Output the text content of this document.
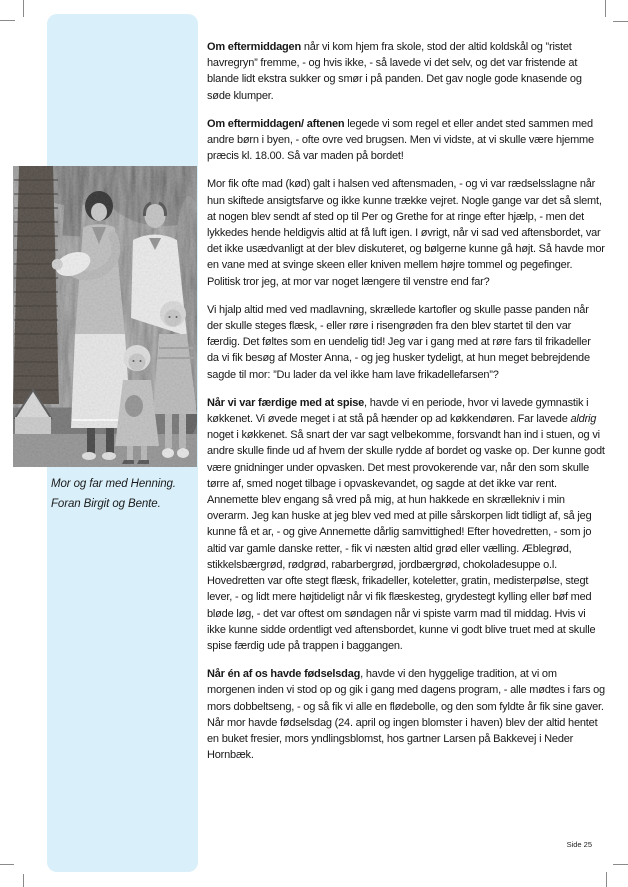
Mor og far med Henning.
Foran Birgit og Bente.

Om eftermiddagen når vi kom hjem fra skole, stod der altid koldskål og ”ristet havregryn” fremme, - og hvis ikke, - så lavede vi det selv, og det var fristende at blande lidt ekstra sukker og smør i på panden. Det gav nogle gode knasende og søde klumper.

Om eftermiddagen/ aftenen legede vi som regel et eller andet sted sammen med andre børn i byen, - ofte ovre ved brugsen. Men vi vidste, at vi skulle være hjemme præcis kl. 18.00. Så var maden på bordet!

Mor fik ofte mad (kød) galt i halsen ved aftensmaden, - og vi var rædselsslagne når hun skiftede ansigtsfarve og ikke kunne trække vejret. Nogle gange var det så slemt, at nogen blev sendt af sted op til Per og Grethe for at ringe efter hjælp, - men det lykkedes hende heldigvis altid at få luft igen. I øvrigt, når vi sad ved aftensbordet, var det ikke usædvanligt at der blev diskuteret, og bølgerne kunne gå højt. Så havde mor en vane med at svinge skeen eller kniven mellem højre tommel og pegefinger. Politisk tror jeg, at mor var noget længere til venstre end far?

Vi hjalp altid med ved madlavning, skrællede kartofler og skulle passe panden når der skulle steges flæsk, - eller røre i risengrøden fra den blev startet til den var færdig. Det føltes som en uendelig tid! Jeg var i gang med at røre fars til frikadeller da vi fik besøg af Moster Anna, - og jeg husker tydeligt, at hun meget bebrejdende sagde til mor: ”Du lader da vel ikke ham lave frikadellefarsen”?

Når vi var færdige med at spise, havde vi en periode, hvor vi lavede gymnastik i køkkenet. Vi øvede meget i at stå på hænder op ad køkkendøren. Far lavede aldrig noget i køkkenet. Så snart der var sagt velbekomme, forsvandt han ind i stuen, og vi andre skulle finde ud af hvem der skulle rydde af bordet og vaske op. Der kunne godt være gnidninger under opvasken. Det mest provokerende var, når den som skulle tørre af, smed noget tilbage i opvaskevandet, og sagde at det ikke var rent. Annemette blev engang så vred på mig, at hun hakkede en skrællekniv i min overarm. Jeg kan huske at jeg blev ved med at pille sårskorpen lidt tidligt af, så jeg kunne få et ar, - og give Annemette dårlig samvittighed! Efter hovedretten, - som jo altid var gamle danske retter, - fik vi næsten altid grød eller vælling. Æblegrød, stikkelsbærgrød, rødgrød, rabarbergrød, jordbærgrød, chokoladesuppe o.l. Hovedretten var ofte stegt flæsk, frikadeller, koteletter, gratin, medisterpølse, stegt lever, - og lidt mere højtideligt når vi fik flæskesteg, grydestegt kylling eller bøf med bløde løg, - det var oftest om søndagen når vi spiste varm mad til middag. Hvis vi ikke kunne sidde ordentligt ved aftensbordet, kunne vi godt blive truet med at skulle spise færdig ude på trappen i baggangen.

Når én af os havde fødselsdag, havde vi den hyggelige tradition, at vi om morgenen inden vi stod op og gik i gang med dagens program, - alle mødtes i fars og mors dobbeltseng, - og så fik vi alle en flødebolle, og den som fyldte år fik sine gaver. Når mor havde fødselsdag (24. april og ingen blomster i haven) blev der altid hentet en buket fresier, mors yndlingsblomst, hos gartner Larsen på Bakkevej i Neder Hornbæk.

Side 25
